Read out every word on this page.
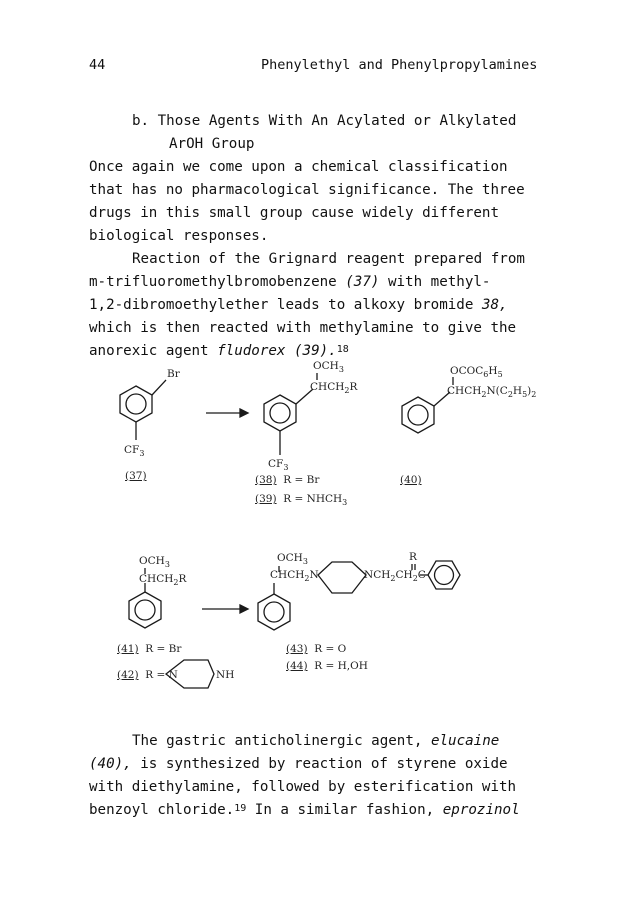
44	Phenylethyl and Phenylpropylamines
b. Those Agents With An Acylated or Alkylated
ArOH Group
Once again we come upon a chemical classification
that has no pharmacological significance. The three
drugs in this small group cause widely different
biological responses.
Reaction of the Grignard reagent prepared from
m-trifluoromethylbromobenzene (37) with methyl-
1,2-dibromoethylether leads to alkoxy bromide 38,
which is then reacted with methylamine to give the
anorexic agent fludorex (39).$^{18}$
Br
$CF_3$
(37)
$OCH_3$
$CHCH_2R$
$CF_3$
(38) R = Br
(39) $R = NHCH_3$
$OCOC_6H_5$
$CHCH_2N(C_2H_5)_2$
(40)
$OCH_3$
$CHCH_2R$
(41) R = Br
(42) R = N	NH
$OCH_3$
$CHCH_2N$	$NCH_2CH_2C$
R
(43) R = O
(44) R = H,OH
The gastric anticholinergic agent, elucaine
(40), is synthesized by reaction of styrene oxide
with diethylamine, followed by esterification with
benzoyl chloride.$^{19}$ In a similar fashion, eprozinol
